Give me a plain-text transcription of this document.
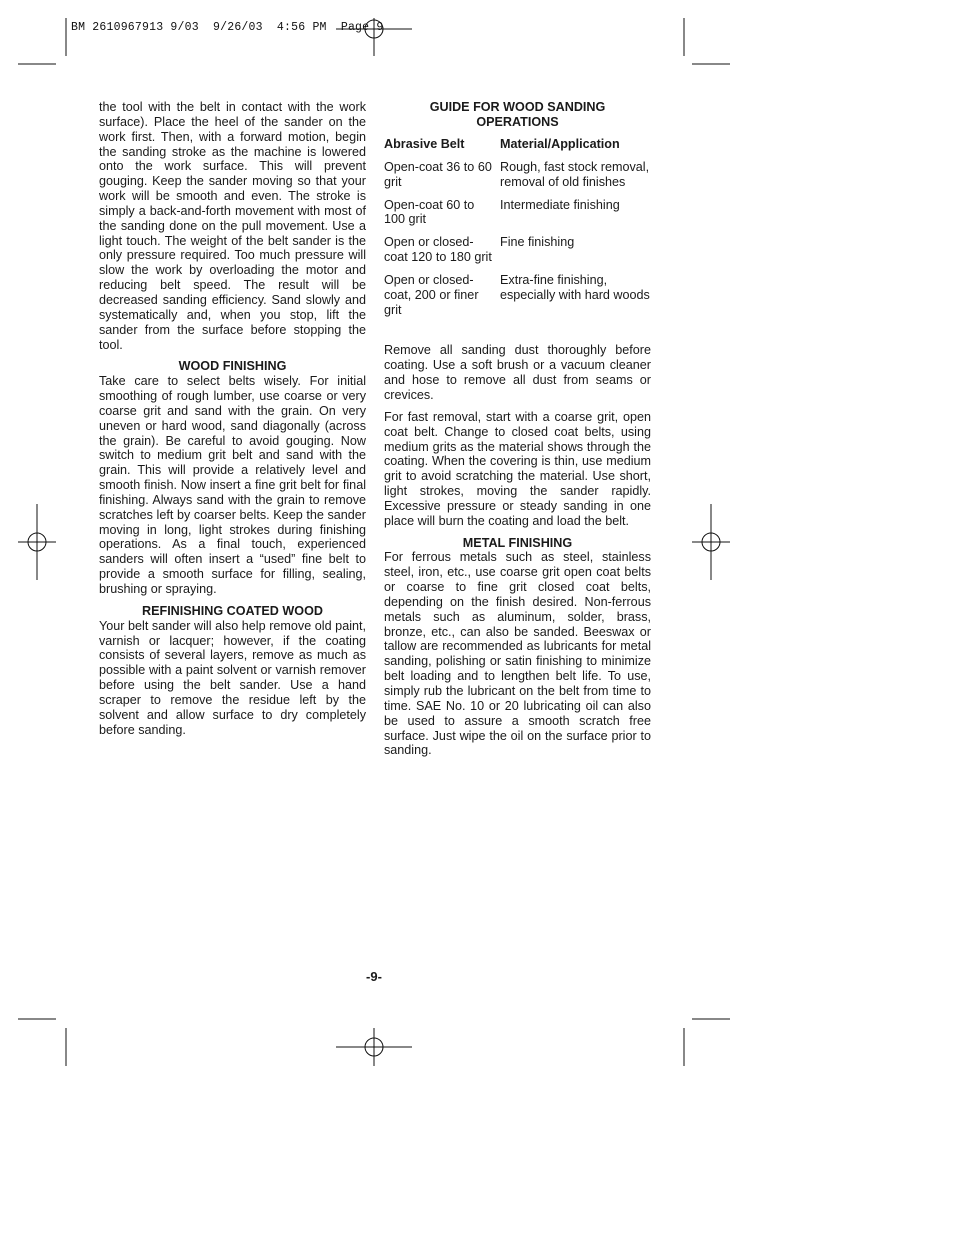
BM 2610967913 9/03  9/26/03  4:56 PM  Page 9

the tool with the belt in contact with the work surface). Place the heel of the sander on the work first. Then, with a forward motion, begin the sanding stroke as the machine is lowered onto the work surface. This will prevent gouging. Keep the sander moving so that your work will be smooth and even. The stroke is simply a back-and-forth movement with most of the sanding done on the pull movement. Use a light touch. The weight of the belt sander is the only pressure required. Too much pressure will slow the work by overloading the motor and reducing belt speed. The result will be decreased sanding efficiency. Sand slowly and systematically and, when you stop, lift the sander from the surface before stopping the tool.

WOOD FINISHING

Take care to select belts wisely. For initial smoothing of rough lumber, use coarse or very coarse grit and sand with the grain. On very uneven or hard wood, sand diagonally (across the grain). Be careful to avoid gouging. Now switch to medium grit belt and sand with the grain. This will provide a relatively level and smooth finish. Now insert a fine grit belt for final finishing. Always sand with the grain to remove scratches left by coarser belts. Keep the sander moving in long, light strokes during finishing operations. As a final touch, experienced sanders will often insert a “used” fine belt to provide a smooth surface for filling, sealing, brushing or spraying.

REFINISHING COATED WOOD

Your belt sander will also help remove old paint, varnish or lacquer; however, if the coating consists of several layers, remove as much as possible with a paint solvent or varnish remover before using the belt sander. Use a hand scraper to remove the residue left by the solvent and allow surface to dry completely before sanding.

GUIDE FOR WOOD SANDING
OPERATIONS
Abrasive Belt	Material/Application
Open-coat 36 to 60 grit	Rough, fast stock removal, removal of old finishes
Open-coat 60 to 100 grit	Intermediate finishing
Open or closed-coat 120 to 180 grit	Fine finishing
Open or closed-coat, 200 or finer grit	Extra-fine finishing, especially with hard woods

Remove all sanding dust thoroughly before coating. Use a soft brush or a vacuum cleaner and hose to remove all dust from seams or crevices.

For fast removal, start with a coarse grit, open coat belt. Change to closed coat belts, using medium grits as the material shows through the coating. When the covering is thin, use medium grit to avoid scratching the material. Use short, light strokes, moving the sander rapidly. Excessive pressure or steady sanding in one place will burn the coating and load the belt.

METAL FINISHING

For ferrous metals such as steel, stainless steel, iron, etc., use coarse grit open coat belts or coarse to fine grit closed coat belts, depending on the finish desired. Non-ferrous metals such as aluminum, solder, brass, bronze, etc., can also be sanded. Beeswax or tallow are recommended as lubricants for metal sanding, polishing or satin finishing to minimize belt loading and to lengthen belt life. To use, simply rub the lubricant on the belt from time to time. SAE No. 10 or 20 lubricating oil can also be used to assure a smooth scratch free surface. Just wipe the oil on the surface prior to sanding.

-9-
